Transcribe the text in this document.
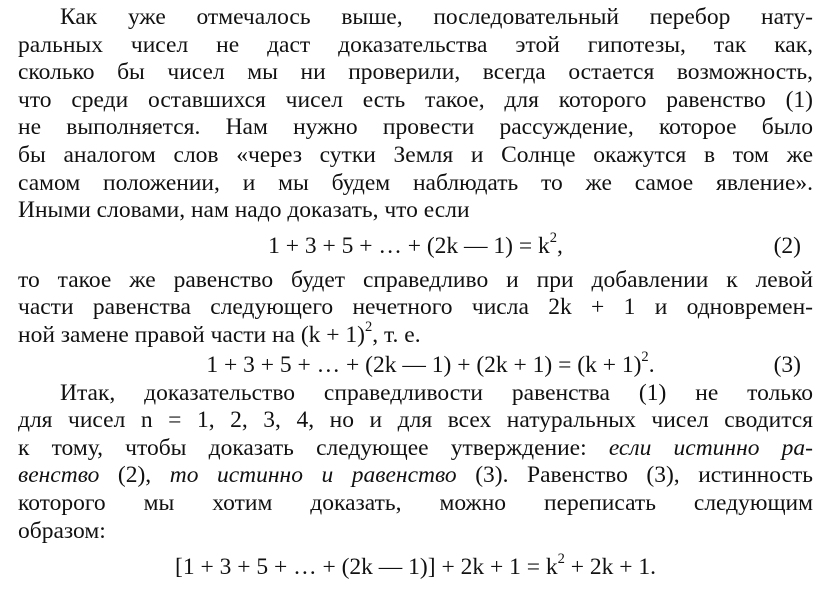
Как уже отмечалось выше, последовательный перебор нату-
ральных чисел не даст доказательства этой гипотезы, так как,
сколько бы чисел мы ни проверили, всегда остается возможность,
что среди оставшихся чисел есть такое, для которого равенство (1)
не выполняется. Нам нужно провести рассуждение, которое было
бы аналогом слов «через сутки Земля и Солнце окажутся в том же
самом положении, и мы будем наблюдать то же самое явление».
Иными словами, нам надо доказать, что если

1 + 3 + 5 + … + (2k — $1) = k^2$,	(2)

то такое же равенство будет справедливо и при добавлении к левой
части равенства следующего нечетного числа 2k + 1 и одновремен-
ной замене правой части на $(k + 1)^2$, т. е.

1 + 3 + 5 + … + (2k — $1) + (2k + 1) = (k + 1)^2$.	(3)

Итак, доказательство справедливости равенства (1) не только
для чисел n = 1, 2, 3, 4, но и для всех натуральных чисел сводится
к тому, чтобы доказать следующее утверждение: если истинно ра-
венство (2), то истинно и равенство (3). Равенство (3), истинность
которого мы хотим доказать, можно переписать следующим
образом:

[1 + 3 + 5 + … + (2k — $1)] + 2k + 1 = k^2 + 2k + 1$.
